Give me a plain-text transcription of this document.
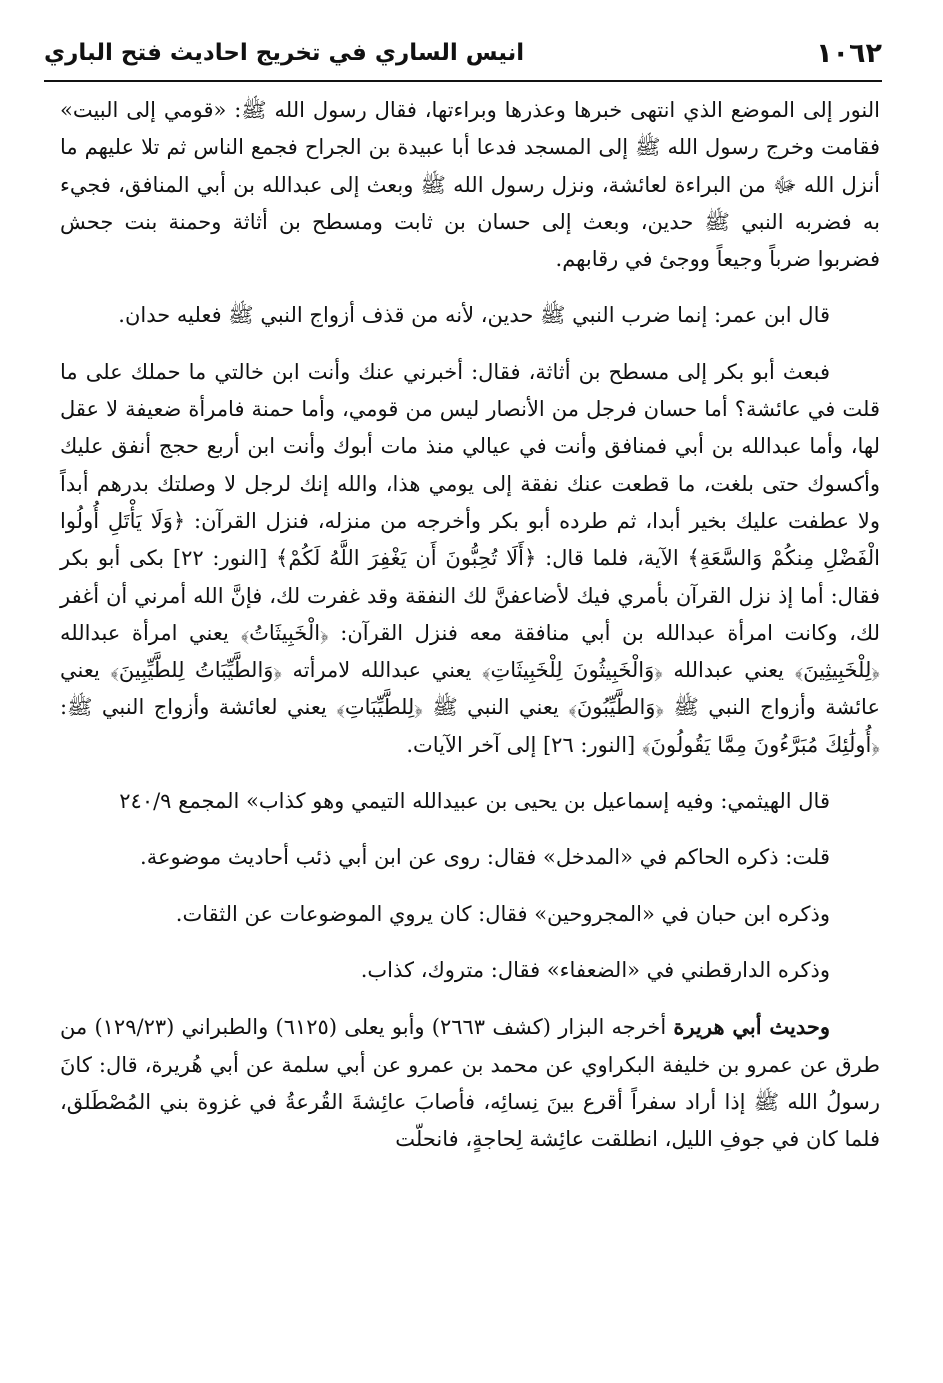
١٠٦٢
انيس الساري في تخريج احاديث فتح الباري

النور إلى الموضع الذي انتهى خبرها وعذرها وبراءتها، فقال رسول الله ﷺ: «قومي إلى البيت» فقامت وخرج رسول الله ﷺ إلى المسجد فدعا أبا عبيدة بن الجراح فجمع الناس ثم تلا عليهم ما أنزل الله ﷻ من البراءة لعائشة، ونزل رسول الله ﷺ وبعث إلى عبدالله بن أبي المنافق، فجيء به فضربه النبي ﷺ حدين، وبعث إلى حسان بن ثابت ومسطح بن أثاثة وحمنة بنت جحش فضربوا ضرباً وجيعاً ووجئ في رقابهم.

قال ابن عمر: إنما ضرب النبي ﷺ حدين، لأنه من قذف أزواج النبي ﷺ فعليه حدان.

فبعث أبو بكر إلى مسطح بن أثاثة، فقال: أخبرني عنك وأنت ابن خالتي ما حملك على ما قلت في عائشة؟ أما حسان فرجل من الأنصار ليس من قومي، وأما حمنة فامرأة ضعيفة لا عقل لها، وأما عبدالله بن أبي فمنافق وأنت في عيالي منذ مات أبوك وأنت ابن أربع حجج أنفق عليك وأكسوك حتى بلغت، ما قطعت عنك نفقة إلى يومي هذا، والله إنك لرجل لا وصلتك بدرهم أبداً ولا عطفت عليك بخير أبدا، ثم طرده أبو بكر وأخرجه من منزله، فنزل القرآن: ﴿وَلَا يَأْتَلِ أُولُوا الْفَضْلِ مِنكُمْ وَالسَّعَةِ﴾ الآية، فلما قال: ﴿أَلَا تُحِبُّونَ أَن يَغْفِرَ اللَّهُ لَكُمْ﴾ [النور: ٢٢] بكى أبو بكر فقال: أما إذ نزل القرآن بأمري فيك لأضاعفنَّ لك النفقة وقد غفرت لك، فإنَّ الله أمرني أن أغفر لك، وكانت امرأة عبدالله بن أبي منافقة معه فنزل القرآن: ﴿الْخَبِيثَاتُ﴾ يعني امرأة عبدالله ﴿لِلْخَبِيثِينَ﴾ يعني عبدالله ﴿وَالْخَبِيثُونَ لِلْخَبِيثَاتِ﴾ يعني عبدالله لامرأته ﴿وَالطَّيِّبَاتُ لِلطَّيِّبِينَ﴾ يعني عائشة وأزواج النبي ﷺ ﴿وَالطَّيِّبُونَ﴾ يعني النبي ﷺ ﴿لِلطَّيِّبَاتِ﴾ يعني لعائشة وأزواج النبي ﷺ: ﴿أُولَٰئِكَ مُبَرَّءُونَ مِمَّا يَقُولُونَ﴾ [النور: ٢٦] إلى آخر الآيات.

قال الهيثمي: وفيه إسماعيل بن يحيى بن عبيدالله التيمي وهو كذاب» المجمع ٢٤٠/٩

قلت: ذكره الحاكم في «المدخل» فقال: روى عن ابن أبي ذئب أحاديث موضوعة.

وذكره ابن حبان في «المجروحين» فقال: كان يروي الموضوعات عن الثقات.

وذكره الدارقطني في «الضعفاء» فقال: متروك، كذاب.

وحديث أبي هريرة أخرجه البزار (كشف ٢٦٦٣) وأبو يعلى (٦١٢٥) والطبراني (١٢٩/٢٣) من طرق عن عمرو بن خليفة البكراوي عن محمد بن عمرو عن أبي سلمة عن أبي هُريرة، قال: كانَ رسولُ الله ﷺ إذا أراد سفراً أقرع بينَ نِسائِه، فأصابَ عائِشةَ القُرعةُ في غزوة بني المُصْطَلق، فلما كان في جوفِ الليل، انطلقت عائِشة لِحاجةٍ، فانحلّت
